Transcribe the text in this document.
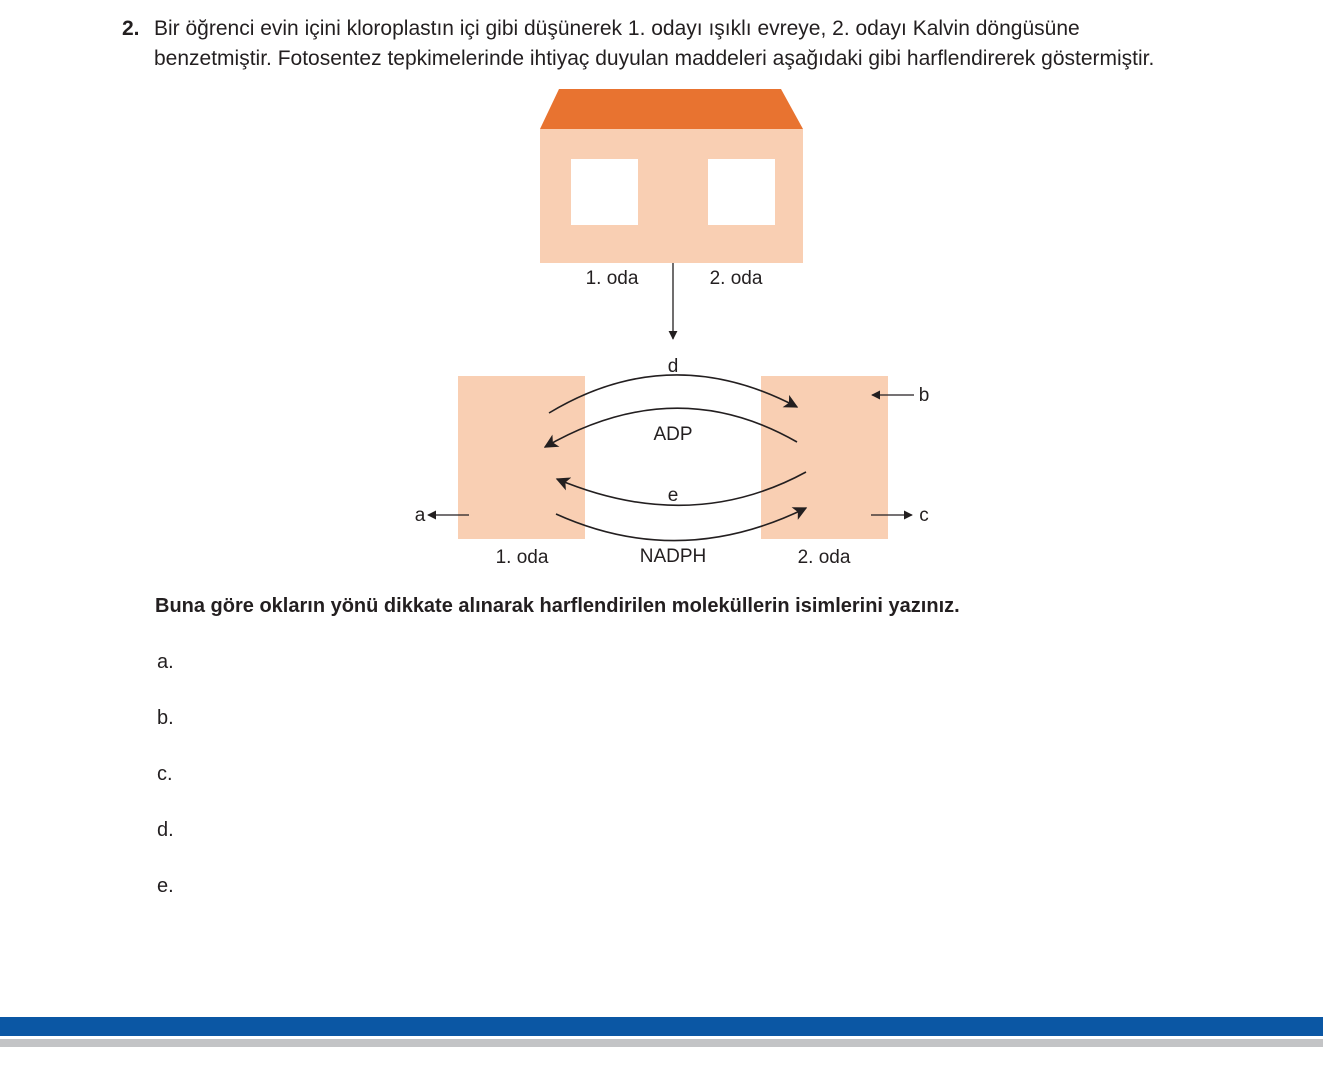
2. Bir öğrenci evin içini kloroplastın içi gibi düşünerek 1. odayı ışıklı evreye, 2. odayı Kalvin döngüsüne benzetmiştir. Fotosentez tepkimelerinde ihtiyaç duyulan maddeleri aşağıdaki gibi harflendirerek göstermiştir.
1. oda	2. oda
d
ADP
e
NADPH
a
b
c
1. oda	2. oda
Buna göre okların yönü dikkate alınarak harflendirilen moleküllerin isimlerini yazınız.
a.
b.
c.
d.
e.
